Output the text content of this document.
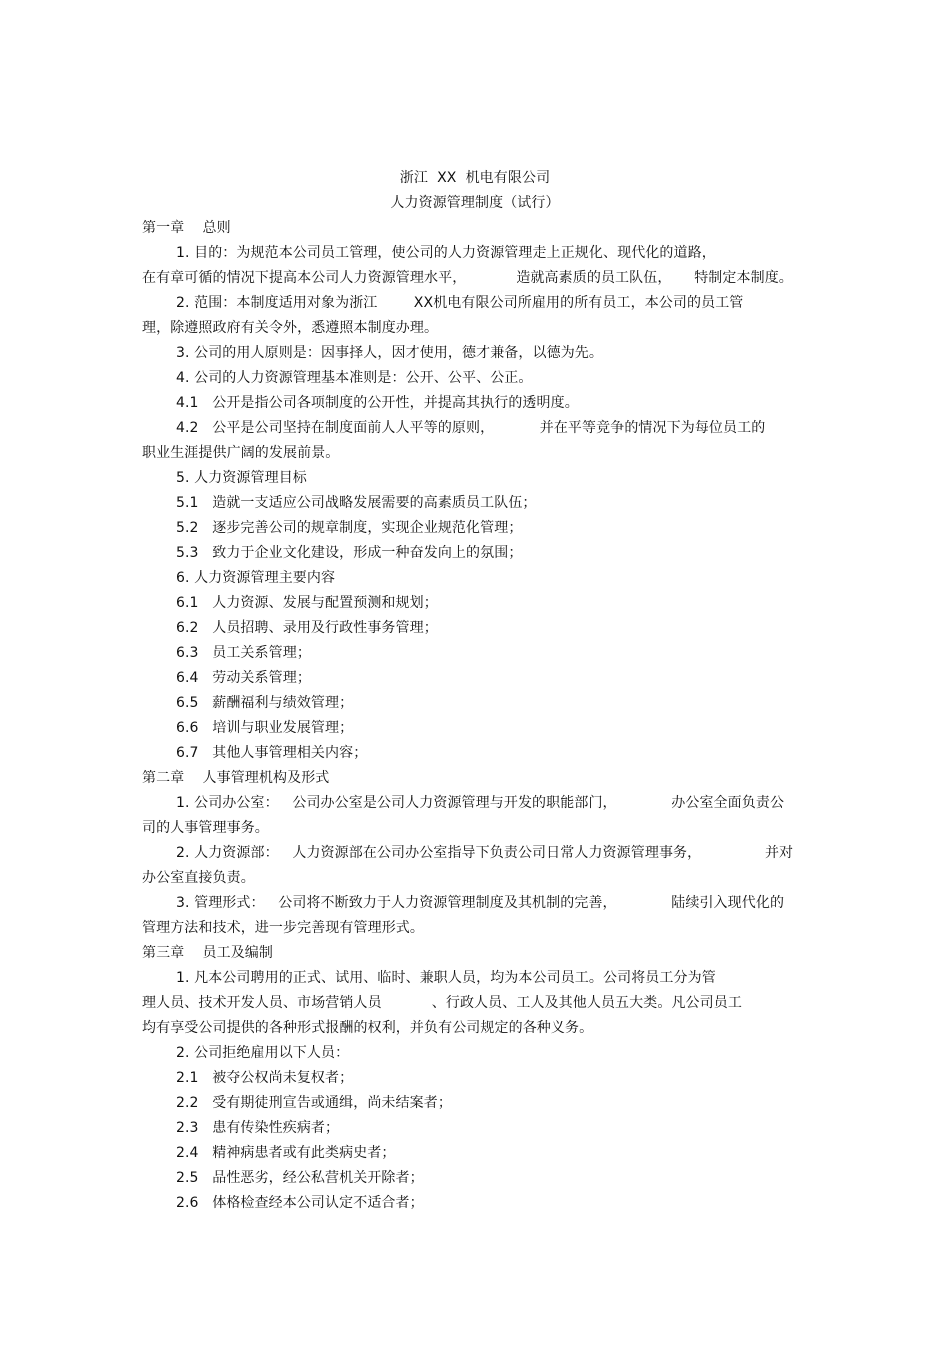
浙江  XX  机电有限公司
人力资源管理制度（试行）
第一章    总则
1. 目的：为规范本公司员工管理，使公司的人力资源管理走上正规化、现代化的道路，
在有章可循的情况下提高本公司人力资源管理水平，           造就高素质的员工队伍，     特制定本制度。
2. 范围：本制度适用对象为浙江        XX机电有限公司所雇用的所有员工，本公司的员工管
理，除遵照政府有关令外，悉遵照本制度办理。
3. 公司的用人原则是：因事择人，因才使用，德才兼备，以德为先。
4. 公司的人力资源管理基本准则是：公开、公平、公正。
4.1   公开是指公司各项制度的公开性，并提高其执行的透明度。
4.2   公平是公司坚持在制度面前人人平等的原则，          并在平等竞争的情况下为每位员工的
职业生涯提供广阔的发展前景。
5. 人力资源管理目标
5.1   造就一支适应公司战略发展需要的高素质员工队伍；
5.2   逐步完善公司的规章制度，实现企业规范化管理；
5.3   致力于企业文化建设，形成一种奋发向上的氛围；
6. 人力资源管理主要内容
6.1   人力资源、发展与配置预测和规划；
6.2   人员招聘、录用及行政性事务管理；
6.3   员工关系管理；
6.4   劳动关系管理；
6.5   薪酬福利与绩效管理；
6.6   培训与职业发展管理；
6.7   其他人事管理相关内容；
第二章    人事管理机构及形式
1. 公司办公室：   公司办公室是公司人力资源管理与开发的职能部门，            办公室全面负责公
司的人事管理事务。
2. 人力资源部：   人力资源部在公司办公室指导下负责公司日常人力资源管理事务，              并对
办公室直接负责。
3. 管理形式：   公司将不断致力于人力资源管理制度及其机制的完善，            陆续引入现代化的
管理方法和技术，进一步完善现有管理形式。
第三章    员工及编制
1. 凡本公司聘用的正式、试用、临时、兼职人员，均为本公司员工。公司将员工分为管
理人员、技术开发人员、市场营销人员           、行政人员、工人及其他人员五大类。凡公司员工
均有享受公司提供的各种形式报酬的权利，并负有公司规定的各种义务。
2. 公司拒绝雇用以下人员：
2.1   被夺公权尚未复权者；
2.2   受有期徒刑宣告或通缉，尚未结案者；
2.3   患有传染性疾病者；
2.4   精神病患者或有此类病史者；
2.5   品性恶劣，经公私营机关开除者；
2.6   体格检查经本公司认定不适合者；
